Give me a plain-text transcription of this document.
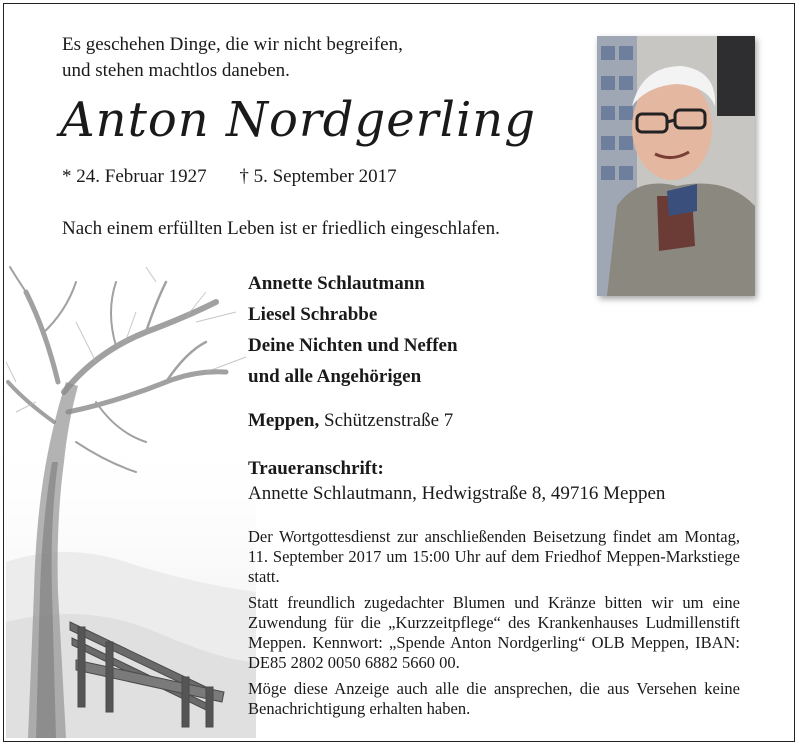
Es geschehen Dinge, die wir nicht begreifen,
und stehen machtlos daneben.
Anton Nordgerling
* 24. Februar 1927 † 5. September 2017
Nach einem erfüllten Leben ist er friedlich eingeschlafen.
Annette Schlautmann
Liesel Schrabbe
Deine Nichten und Neffen
und alle Angehörigen
Meppen, Schützenstraße 7
Traueranschrift:
Annette Schlautmann, Hedwigstraße 8, 49716 Meppen

Der Wortgottesdienst zur anschließenden Beisetzung findet am Montag, 11. September 2017 um 15:00 Uhr auf dem Friedhof Meppen-Markstiege statt.

Statt freundlich zugedachter Blumen und Kränze bitten wir um eine Zuwendung für die „Kurzzeitpflege“ des Krankenhauses Ludmillenstift Meppen. Kennwort: „Spende Anton Nordgerling“ OLB Meppen, IBAN: DE85 2802 0050 6882 5660 00.

Möge diese Anzeige auch alle die ansprechen, die aus Versehen keine Benachrichtigung erhalten haben.
